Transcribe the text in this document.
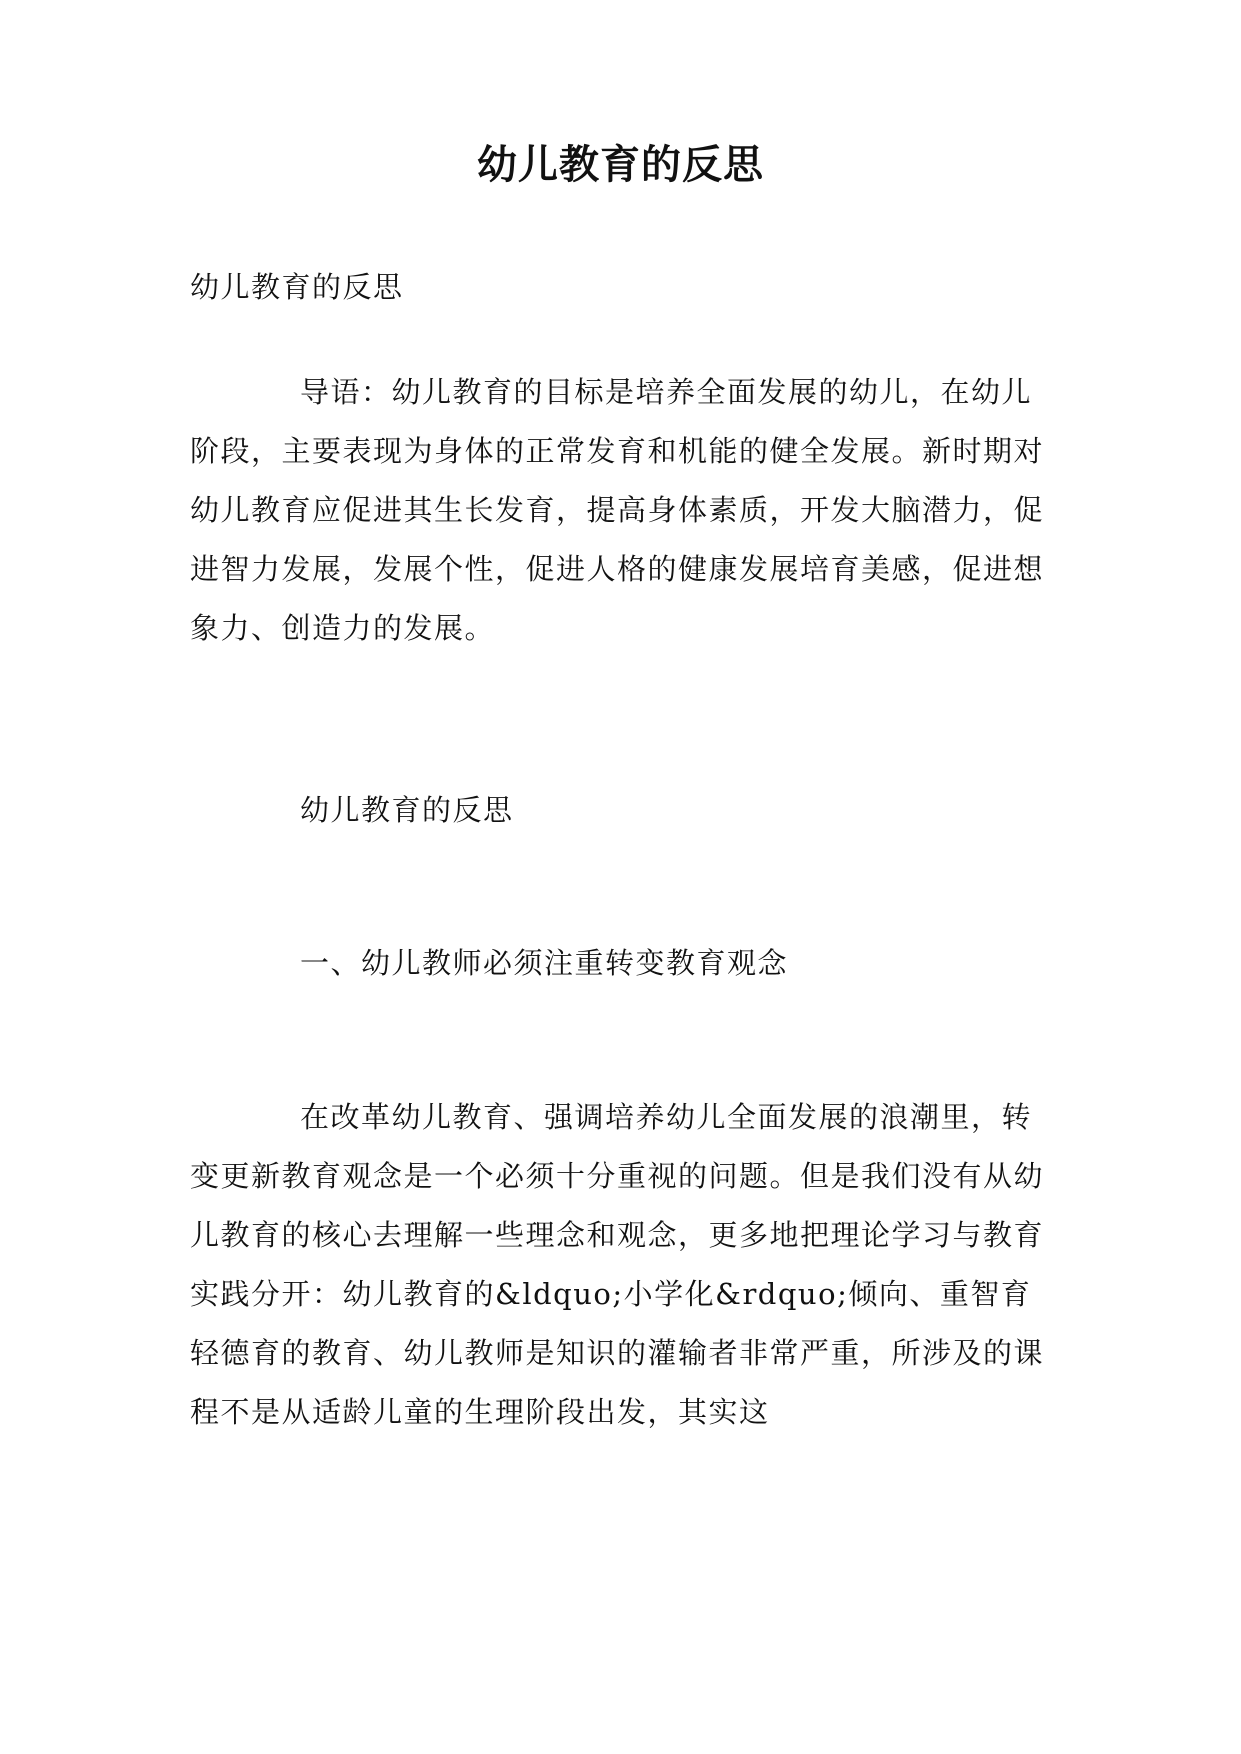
幼儿教育的反思

幼儿教育的反思

导语：幼儿教育的目标是培养全面发展的幼儿，在幼儿阶段，主要表现为身体的正常发育和机能的健全发展。新时期对幼儿教育应促进其生长发育，提高身体素质，开发大脑潜力，促进智力发展，发展个性，促进人格的健康发展培育美感，促进想象力、创造力的发展。

幼儿教育的反思

一、幼儿教师必须注重转变教育观念

在改革幼儿教育、强调培养幼儿全面发展的浪潮里，转变更新教育观念是一个必须十分重视的问题。但是我们没有从幼儿教育的核心去理解一些理念和观念，更多地把理论学习与教育实践分开：幼儿教育的&ldquo;小学化&rdquo;倾向、重智育轻德育的教育、幼儿教师是知识的灌输者非常严重，所涉及的课程不是从适龄儿童的生理阶段出发，其实这
